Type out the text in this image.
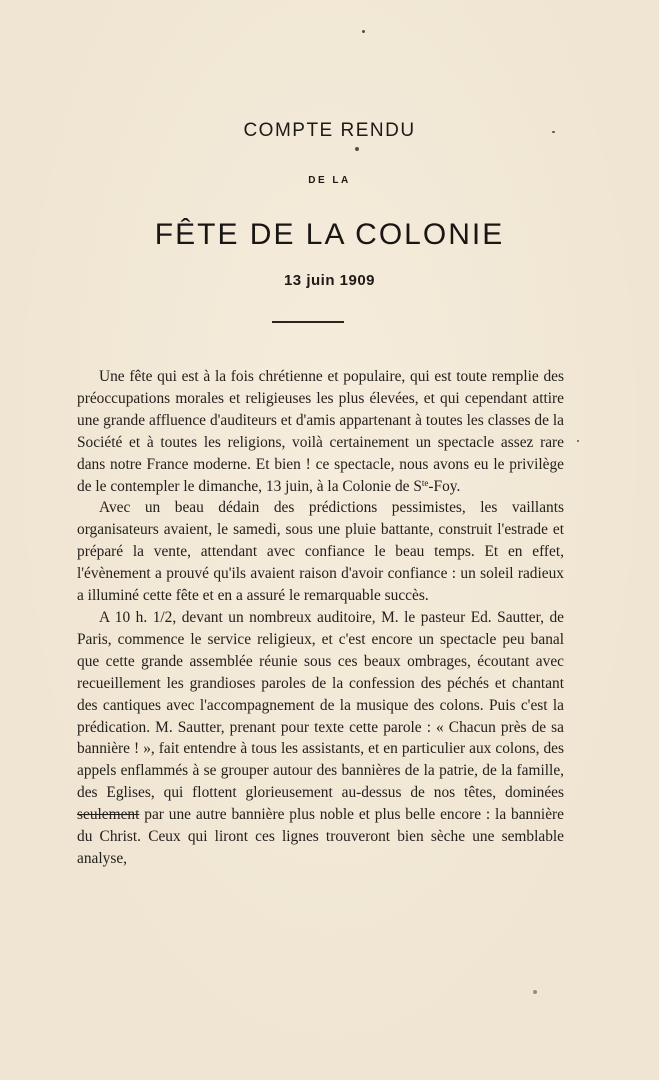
COMPTE RENDU
DE LA
FÊTE DE LA COLONIE
13 juin 1909

Une fête qui est à la fois chrétienne et populaire, qui est toute remplie des préoccupations morales et religieuses les plus élevées, et qui cependant attire une grande affluence d'auditeurs et d'amis appartenant à toutes les classes de la Société et à toutes les religions, voilà certainement un spectacle assez rare dans notre France moderne. Et bien ! ce spectacle, nous avons eu le privilège de le contempler le dimanche, 13 juin, à la Colonie de $S^{te}$-Foy.

Avec un beau dédain des prédictions pessimistes, les vaillants organisateurs avaient, le samedi, sous une pluie battante, construit l'estrade et préparé la vente, attendant avec confiance le beau temps. Et en effet, l'évènement a prouvé qu'ils avaient raison d'avoir confiance : un soleil radieux a illuminé cette fête et en a assuré le remarquable succès.

A 10 h. 1/2, devant un nombreux auditoire, M. le pasteur Ed. Sautter, de Paris, commence le service religieux, et c'est encore un spectacle peu banal que cette grande assemblée réunie sous ces beaux ombrages, écoutant avec recueillement les grandioses paroles de la confession des péchés et chantant des cantiques avec l'accompagnement de la musique des colons. Puis c'est la prédication. M. Sautter, prenant pour texte cette parole : « Chacun près de sa bannière ! », fait entendre à tous les assistants, et en particulier aux colons, des appels enflammés à se grouper autour des bannières de la patrie, de la famille, des Eglises, qui flottent glorieusement au-dessus de nos têtes, dominées seulement par une autre bannière plus noble et plus belle encore : la bannière du Christ. Ceux qui liront ces lignes trouveront bien sèche une semblable analyse,
